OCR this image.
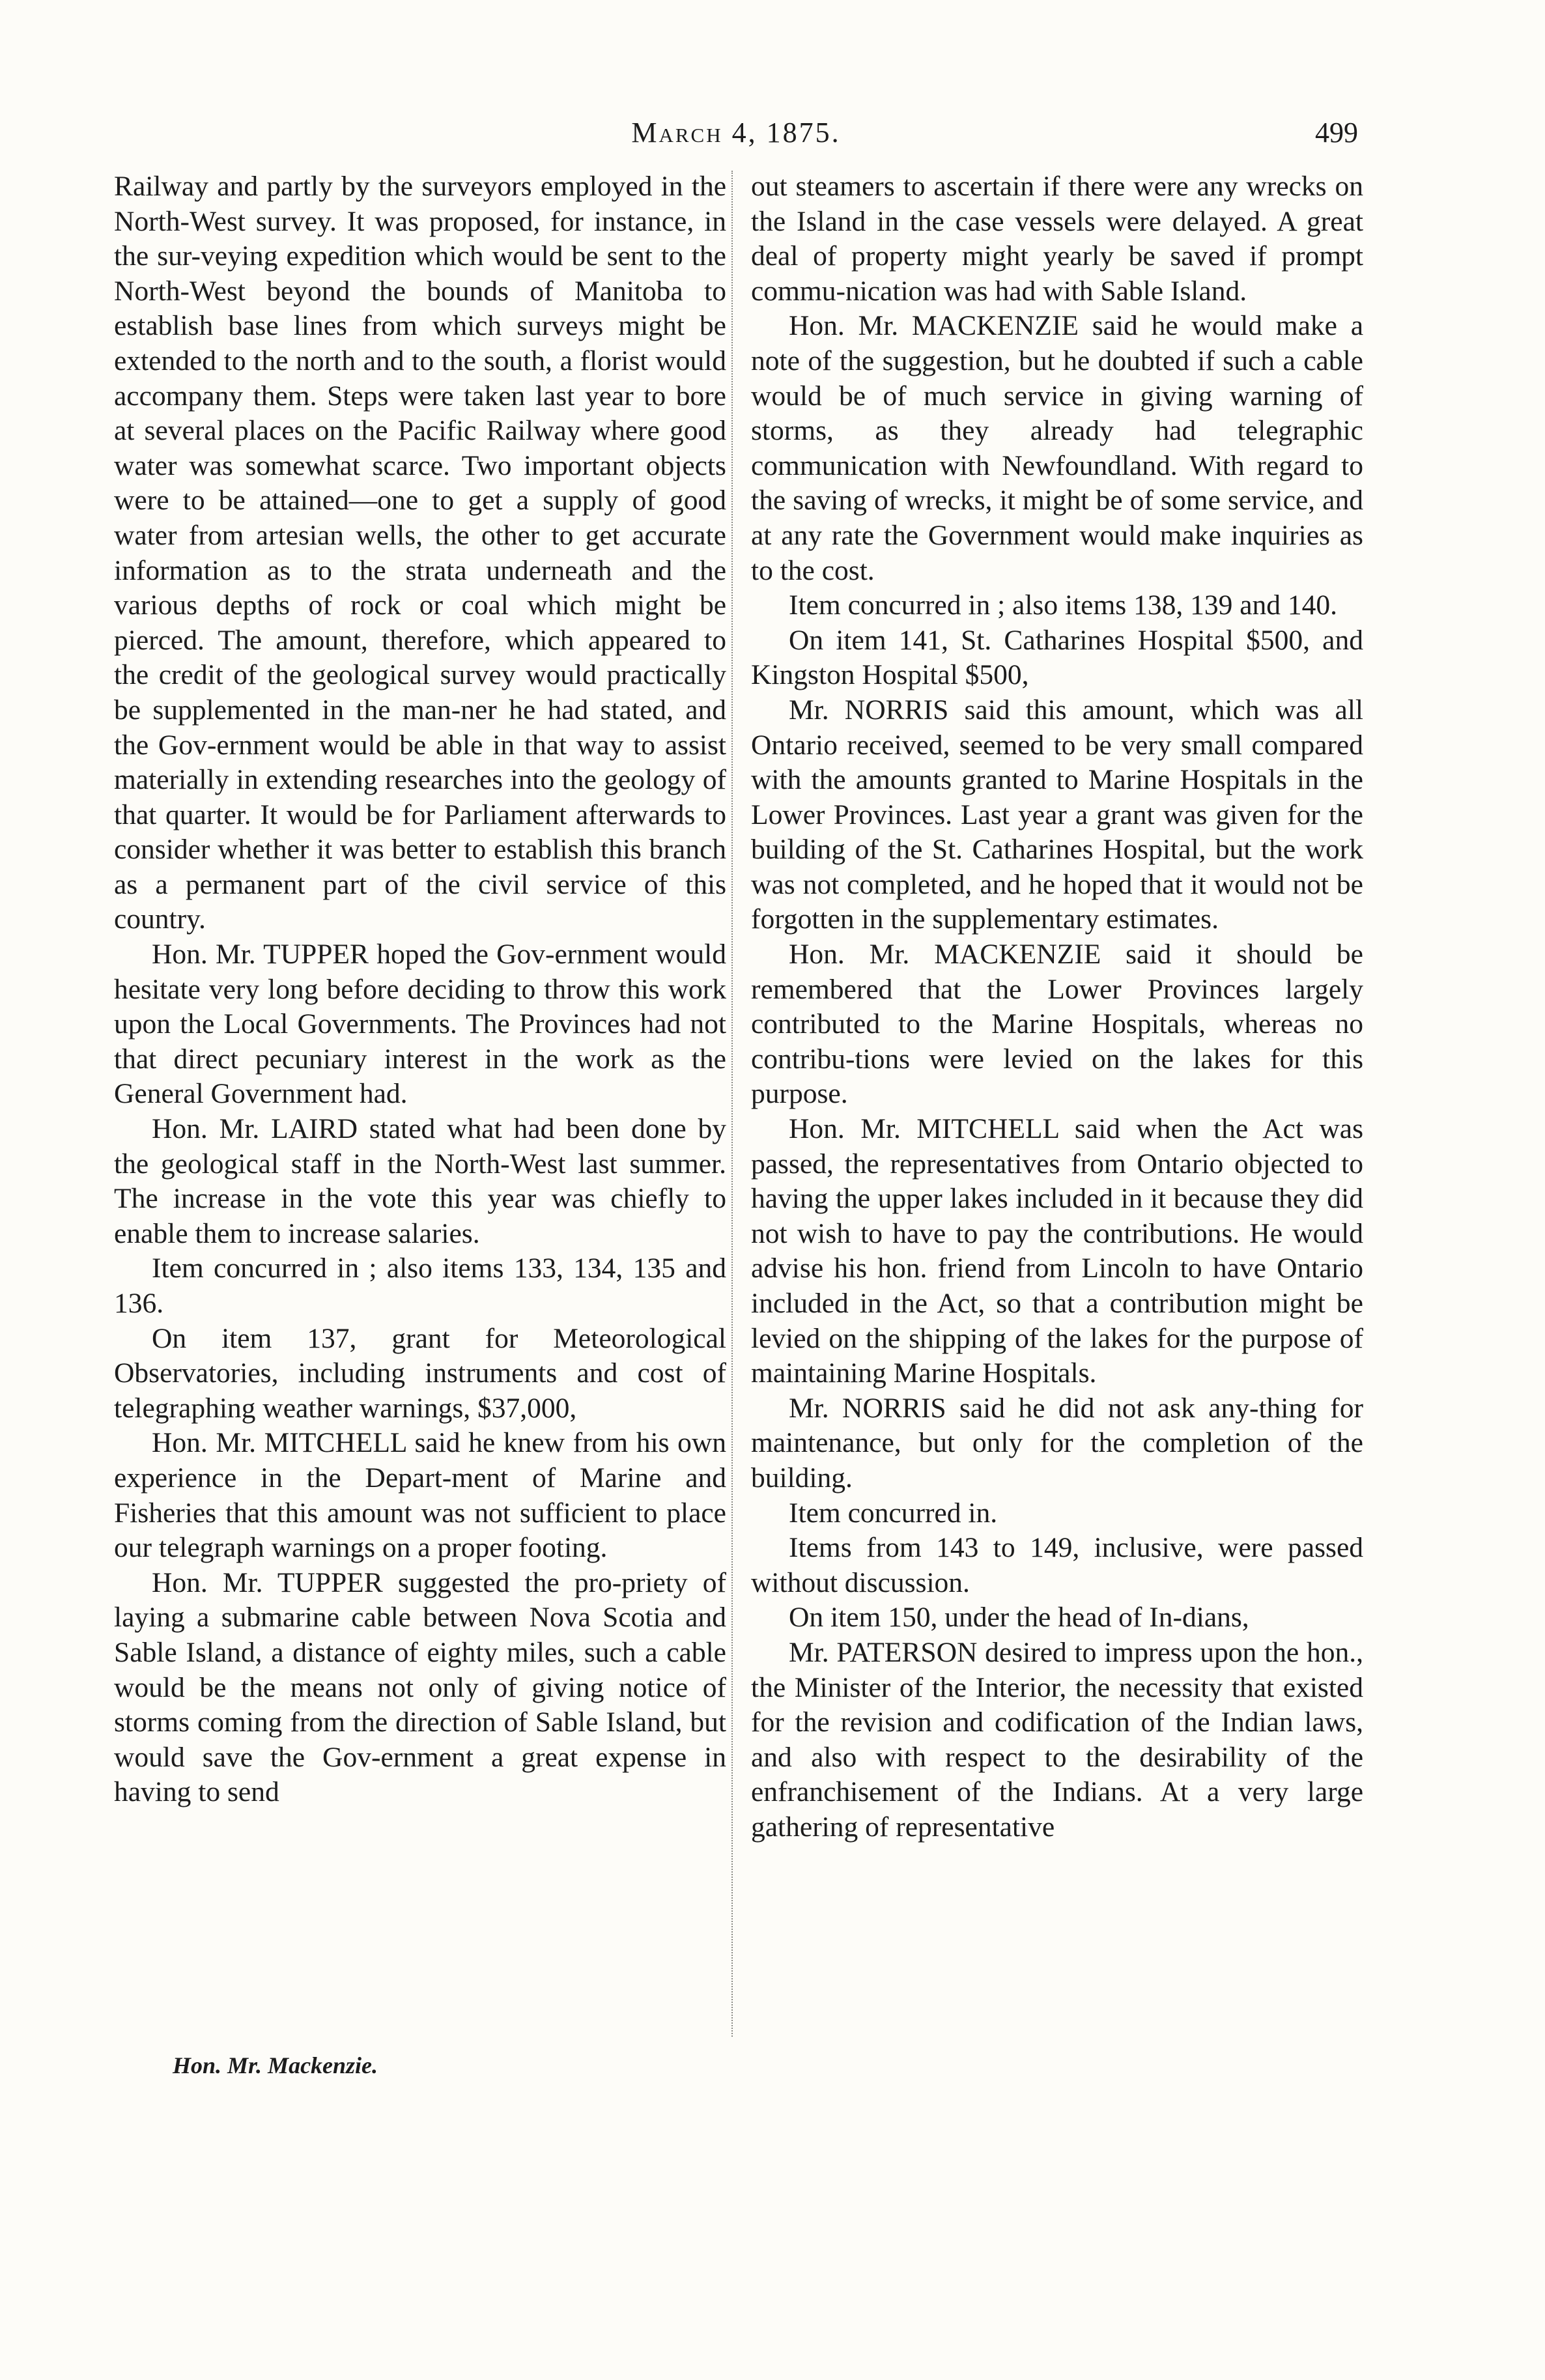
March 4, 1875.	499

Railway and partly by the surveyors employed in the North-West survey. It was proposed, for instance, in the sur-veying expedition which would be sent to the North-West beyond the bounds of Manitoba to establish base lines from which surveys might be extended to the north and to the south, a florist would accompany them. Steps were taken last year to bore at several places on the Pacific Railway where good water was somewhat scarce. Two important objects were to be attained—one to get a supply of good water from artesian wells, the other to get accurate information as to the strata underneath and the various depths of rock or coal which might be pierced. The amount, therefore, which appeared to the credit of the geological survey would practically be supplemented in the man-ner he had stated, and the Gov-ernment would be able in that way to assist materially in extending researches into the geology of that quarter. It would be for Parliament afterwards to consider whether it was better to establish this branch as a permanent part of the civil service of this country.

Hon. Mr. TUPPER hoped the Gov-ernment would hesitate very long before deciding to throw this work upon the Local Governments. The Provinces had not that direct pecuniary interest in the work as the General Government had.

Hon. Mr. LAIRD stated what had been done by the geological staff in the North-West last summer. The increase in the vote this year was chiefly to enable them to increase salaries.

Item concurred in ; also items 133, 134, 135 and 136.

On item 137, grant for Meteorological Observatories, including instruments and cost of telegraphing weather warnings, $37,000,

Hon. Mr. MITCHELL said he knew from his own experience in the Depart-ment of Marine and Fisheries that this amount was not sufficient to place our telegraph warnings on a proper footing.

Hon. Mr. TUPPER suggested the pro-priety of laying a submarine cable between Nova Scotia and Sable Island, a distance of eighty miles, such a cable would be the means not only of giving notice of storms coming from the direction of Sable Island, but would save the Gov-ernment a great expense in having to send

out steamers to ascertain if there were any wrecks on the Island in the case vessels were delayed. A great deal of property might yearly be saved if prompt commu-nication was had with Sable Island.

Hon. Mr. MACKENZIE said he would make a note of the suggestion, but he doubted if such a cable would be of much service in giving warning of storms, as they already had telegraphic communication with Newfoundland. With regard to the saving of wrecks, it might be of some service, and at any rate the Government would make inquiries as to the cost.

Item concurred in ; also items 138, 139 and 140.

On item 141, St. Catharines Hospital $500, and Kingston Hospital $500,

Mr. NORRIS said this amount, which was all Ontario received, seemed to be very small compared with the amounts granted to Marine Hospitals in the Lower Provinces. Last year a grant was given for the building of the St. Catharines Hospital, but the work was not completed, and he hoped that it would not be forgotten in the supplementary estimates.

Hon. Mr. MACKENZIE said it should be remembered that the Lower Provinces largely contributed to the Marine Hospitals, whereas no contribu-tions were levied on the lakes for this purpose.

Hon. Mr. MITCHELL said when the Act was passed, the representatives from Ontario objected to having the upper lakes included in it because they did not wish to have to pay the contributions. He would advise his hon. friend from Lincoln to have Ontario included in the Act, so that a contribution might be levied on the shipping of the lakes for the purpose of maintaining Marine Hospitals.

Mr. NORRIS said he did not ask any-thing for maintenance, but only for the completion of the building.

Item concurred in.

Items from 143 to 149, inclusive, were passed without discussion.

On item 150, under the head of In-dians,

Mr. PATERSON desired to impress upon the hon., the Minister of the Interior, the necessity that existed for the revision and codification of the Indian laws, and also with respect to the desirability of the enfranchisement of the Indians. At a very large gathering of representative

Hon. Mr. Mackenzie.
